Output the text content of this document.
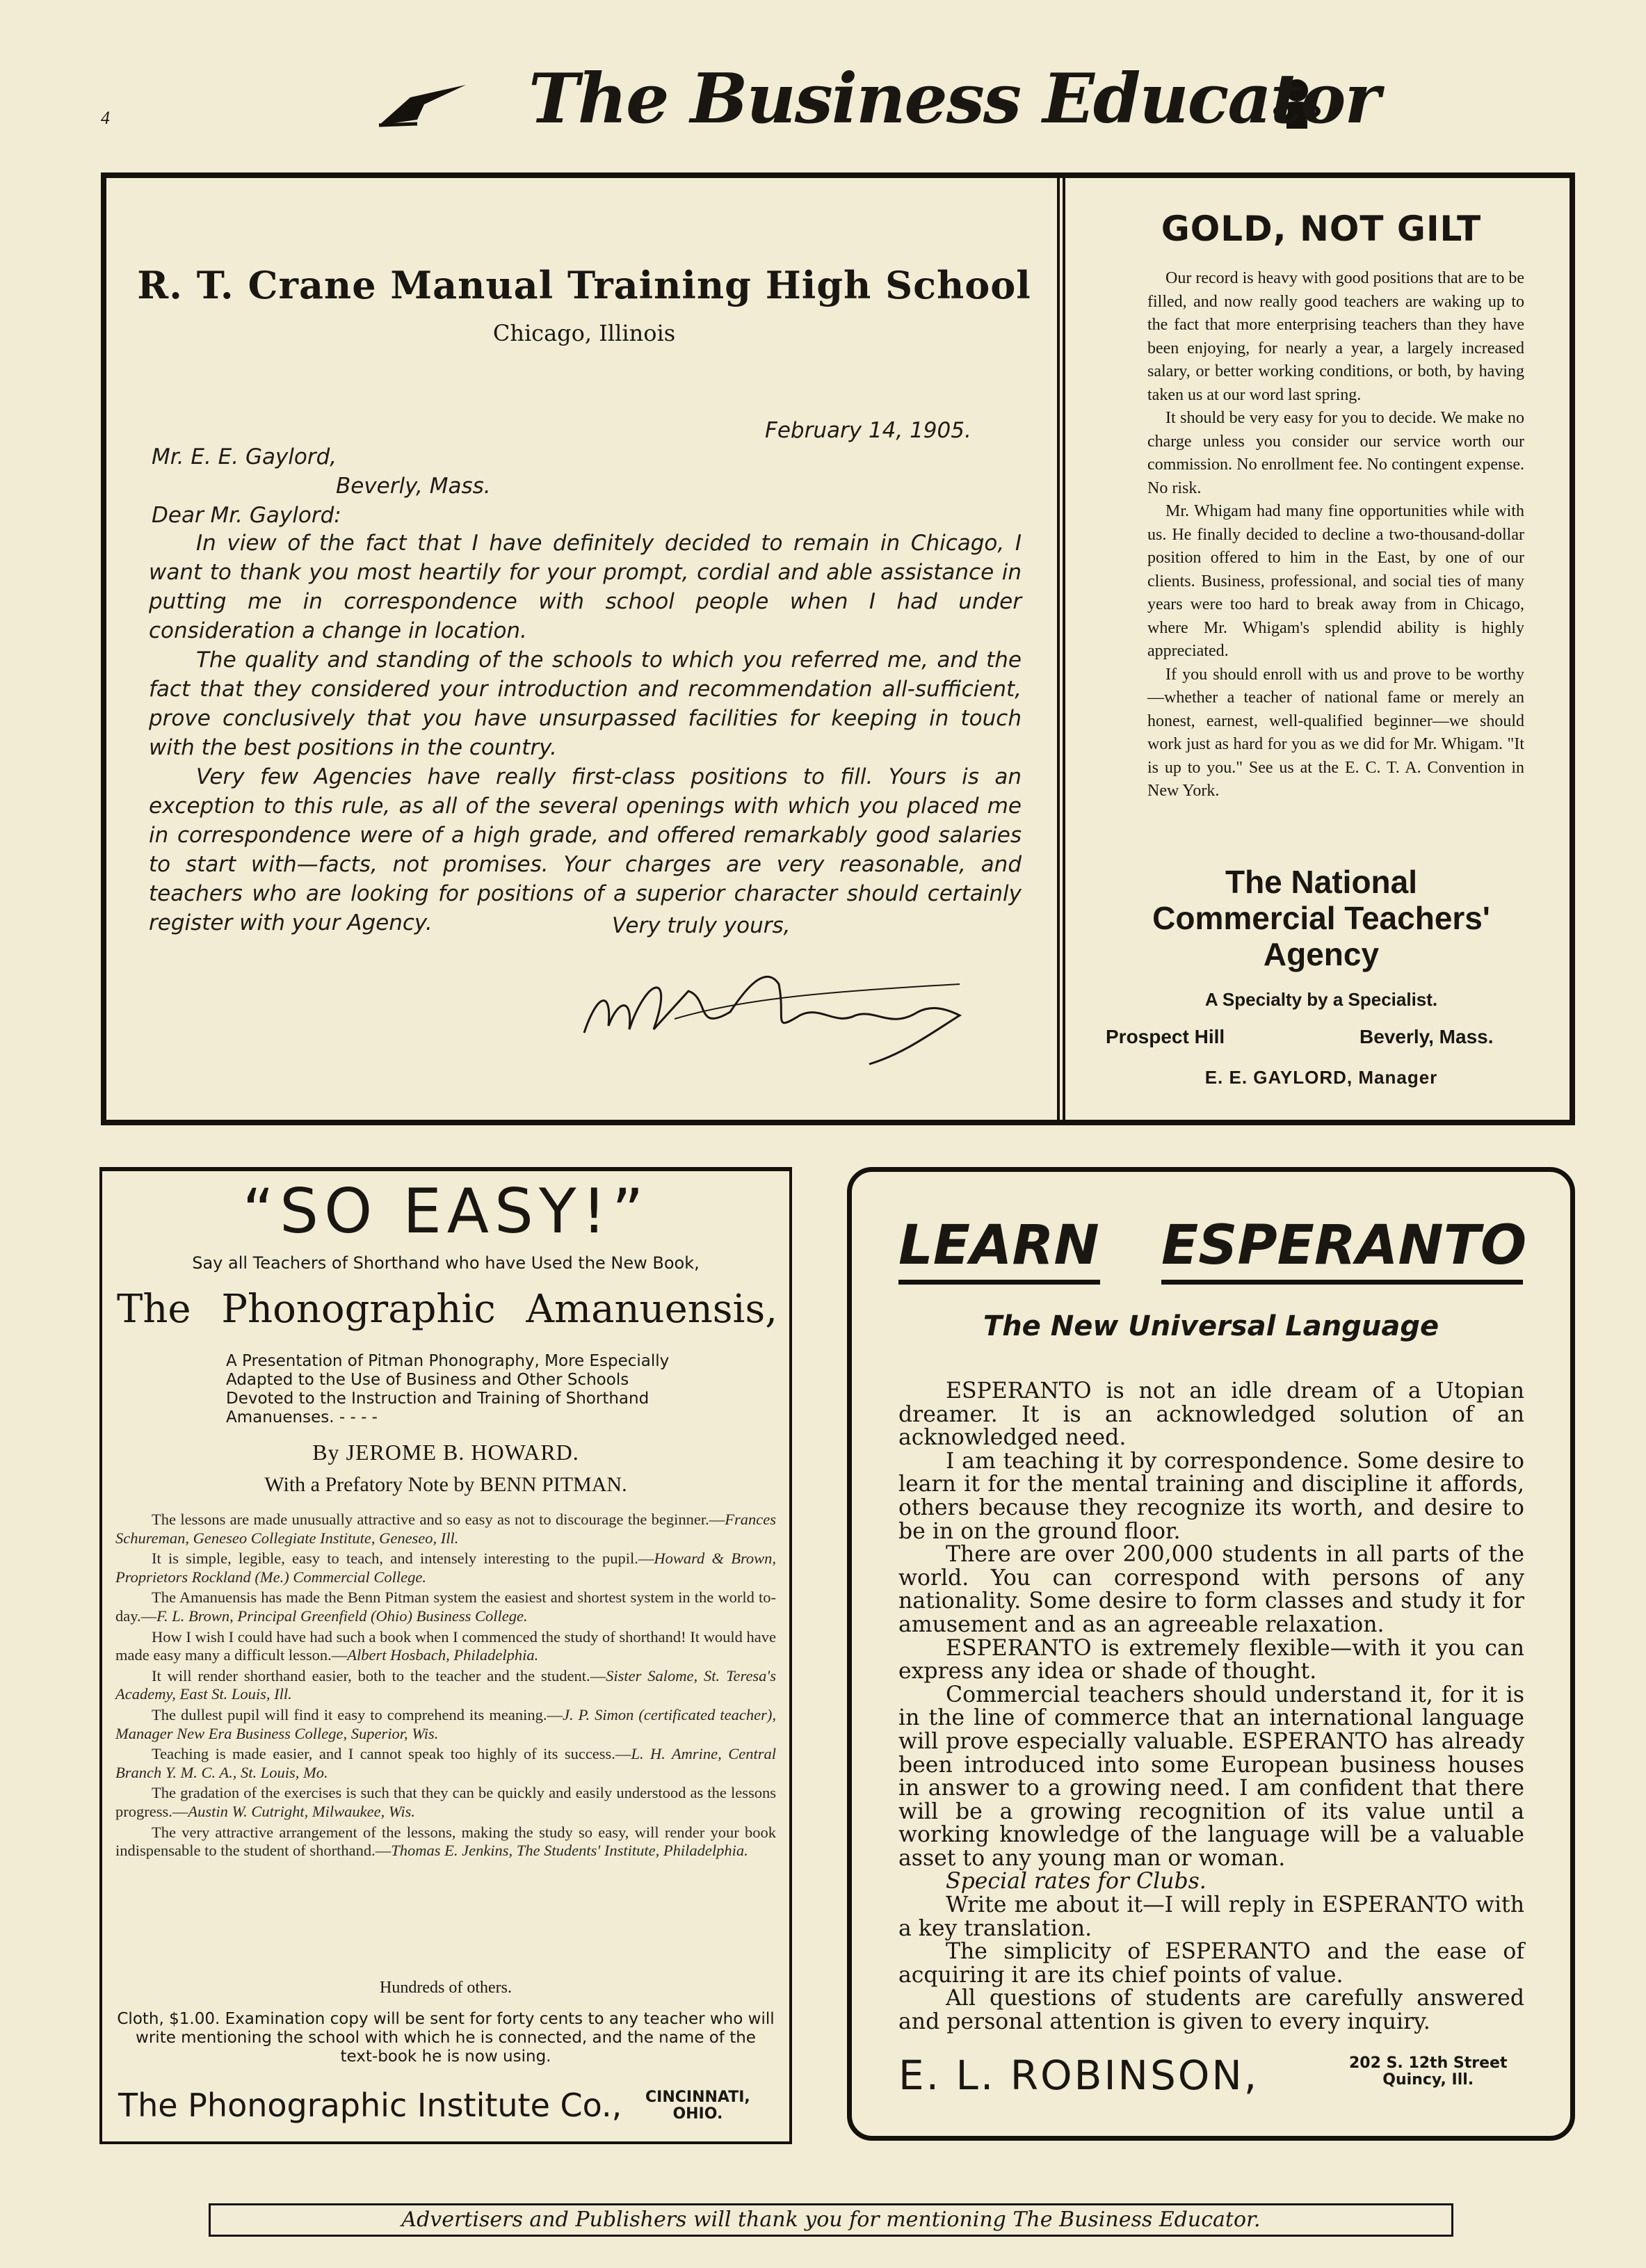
4	The Business Educator
R. T. Crane Manual Training High School
Chicago, Illinois
February 14, 1905.
Mr. E. E. Gaylord,
Beverly, Mass.
Dear Mr. Gaylord:

In view of the fact that I have definitely decided to remain in Chicago, I want to thank you most heartily for your prompt, cordial and able assistance in putting me in correspondence with school people when I had under consideration a change in location.

The quality and standing of the schools to which you referred me, and the fact that they considered your introduction and recommendation all-sufficient, prove conclusively that you have unsurpassed facilities for keeping in touch with the best positions in the country.

Very few Agencies have really first-class positions to fill. Yours is an exception to this rule, as all of the several openings with which you placed me in correspondence were of a high grade, and offered remarkably good salaries to start with—facts, not promises. Your charges are very reasonable, and teachers who are looking for positions of a superior character should certainly register with your Agency.	Very truly yours,
GOLD, NOT GILT

Our record is heavy with good positions that are to be filled, and now really good teachers are waking up to the fact that more enterprising teachers than they have been enjoying, for nearly a year, a largely increased salary, or better working conditions, or both, by having taken us at our word last spring.

It should be very easy for you to decide. We make no charge unless you consider our service worth our commission. No enrollment fee. No contingent expense. No risk.

Mr. Whigam had many fine opportunities while with us. He finally decided to decline a two-thousand-dollar position offered to him in the East, by one of our clients. Business, professional, and social ties of many years were too hard to break away from in Chicago, where Mr. Whigam's splendid ability is highly appreciated.

If you should enroll with us and prove to be worthy—whether a teacher of national fame or merely an honest, earnest, well-qualified beginner—we should work just as hard for you as we did for Mr. Whigam. "It is up to you." See us at the E. C. T. A. Convention in New York.

The National
Commercial Teachers'
Agency
A Specialty by a Specialist.
Prospect Hill	Beverly, Mass.
E. E. GAYLORD, Manager
“SO EASY!”
Say all Teachers of Shorthand who have Used the New Book,
The Phonographic Amanuensis,
A Presentation of Pitman Phonography, More Especially Adapted to the Use of Business and Other Schools Devoted to the Instruction and Training of Shorthand Amanuenses. - - - -
By JEROME B. HOWARD.
With a Prefatory Note by BENN PITMAN.

The lessons are made unusually attractive and so easy as not to discourage the beginner.—Frances Schureman, Geneseo Collegiate Institute, Geneseo, Ill.

It is simple, legible, easy to teach, and intensely interesting to the pupil.—Howard & Brown, Proprietors Rockland (Me.) Commercial College.

The Amanuensis has made the Benn Pitman system the easiest and shortest system in the world to-day.—F. L. Brown, Principal Greenfield (Ohio) Business College.

How I wish I could have had such a book when I commenced the study of shorthand! It would have made easy many a difficult lesson.—Albert Hosbach, Philadelphia.

It will render shorthand easier, both to the teacher and the student.—Sister Salome, St. Teresa's Academy, East St. Louis, Ill.

The dullest pupil will find it easy to comprehend its meaning.—J. P. Simon (certificated teacher), Manager New Era Business College, Superior, Wis.

Teaching is made easier, and I cannot speak too highly of its success.—L. H. Amrine, Central Branch Y. M. C. A., St. Louis, Mo.

The gradation of the exercises is such that they can be quickly and easily understood as the lessons progress.—Austin W. Cutright, Milwaukee, Wis.

The very attractive arrangement of the lessons, making the study so easy, will render your book indispensable to the student of shorthand.—Thomas E. Jenkins, The Students' Institute, Philadelphia.

Hundreds of others.
Cloth, $1.00. Examination copy will be sent for forty cents to any teacher who will write mentioning the school with which he is connected, and the name of the text-book he is now using.
The Phonographic Institute Co., CINCINNATI,
OHIO.
LEARN ESPERANTO
The New Universal Language

ESPERANTO is not an idle dream of a Utopian dreamer. It is an acknowledged solution of an acknowledged need.

I am teaching it by correspondence. Some desire to learn it for the mental training and discipline it affords, others because they recognize its worth, and desire to be in on the ground floor.

There are over 200,000 students in all parts of the world. You can correspond with persons of any nationality. Some desire to form classes and study it for amusement and as an agreeable relaxation.

ESPERANTO is extremely flexible—with it you can express any idea or shade of thought.

Commercial teachers should understand it, for it is in the line of commerce that an international language will prove especially valuable. ESPERANTO has already been introduced into some European business houses in answer to a growing need. I am confident that there will be a growing recognition of its value until a working knowledge of the language will be a valuable asset to any young man or woman.

Special rates for Clubs.

Write me about it—I will reply in ESPERANTO with a key translation.

The simplicity of ESPERANTO and the ease of acquiring it are its chief points of value.

All questions of students are carefully answered and personal attention is given to every inquiry.

E. L. ROBINSON,	202 S. 12th Street
Quincy, Ill.
Advertisers and Publishers will thank you for mentioning The Business Educator.
